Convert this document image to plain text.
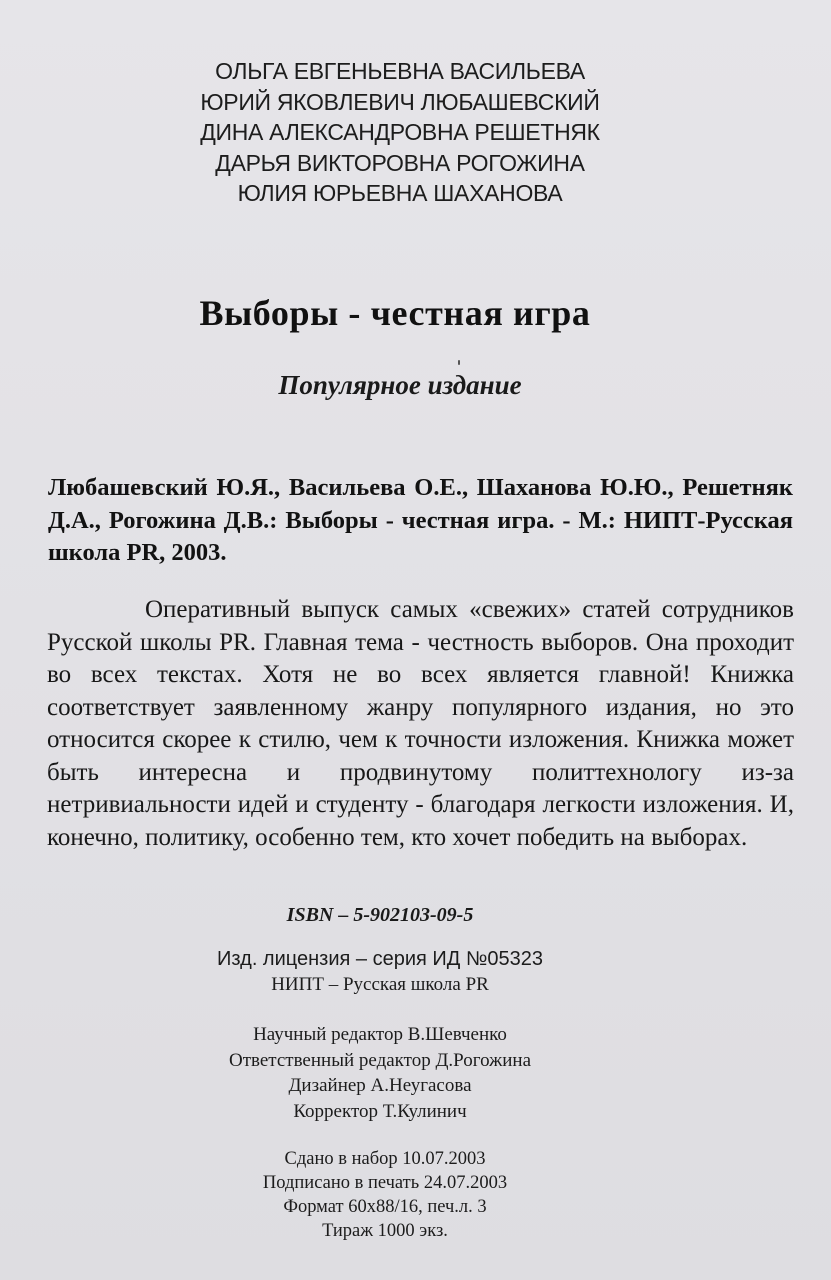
ОЛЬГА ЕВГЕНЬЕВНА ВАСИЛЬЕВА
ЮРИЙ ЯКОВЛЕВИЧ ЛЮБАШЕВСКИЙ
ДИНА АЛЕКСАНДРОВНА РЕШЕТНЯК
ДАРЬЯ ВИКТОРОВНА РОГОЖИНА
ЮЛИЯ ЮРЬЕВНА ШАХАНОВА
Выборы - честная игра
Популярное издание
Любашевский Ю.Я., Васильева О.Е., Шаханова Ю.Ю., Решетняк Д.А., Рогожина Д.В.: Выборы - честная игра. - М.: НИПТ-Русская школа PR, 2003.
Оперативный выпуск самых «свежих» статей сотрудников Русской школы PR. Главная тема - честность выборов. Она проходит во всех текстах. Хотя не во всех является главной! Книжка соответствует заявленному жанру популярного издания, но это относится скорее к стилю, чем к точности изложения. Книжка может быть интересна и продвинутому политтехнологу из-за нетривиальности идей и студенту - благодаря легкости изложения. И, конечно, политику, особенно тем, кто хочет победить на выборах.
ISBN – 5-902103-09-5
Изд. лицензия – серия ИД №05323
НИПТ – Русская школа PR
Научный редактор В.Шевченко
Ответственный редактор Д.Рогожина
Дизайнер А.Неугасова
Корректор Т.Кулинич
Сдано в набор 10.07.2003
Подписано в печать 24.07.2003
Формат 60х88/16, печ.л. 3
Тираж 1000 экз.
